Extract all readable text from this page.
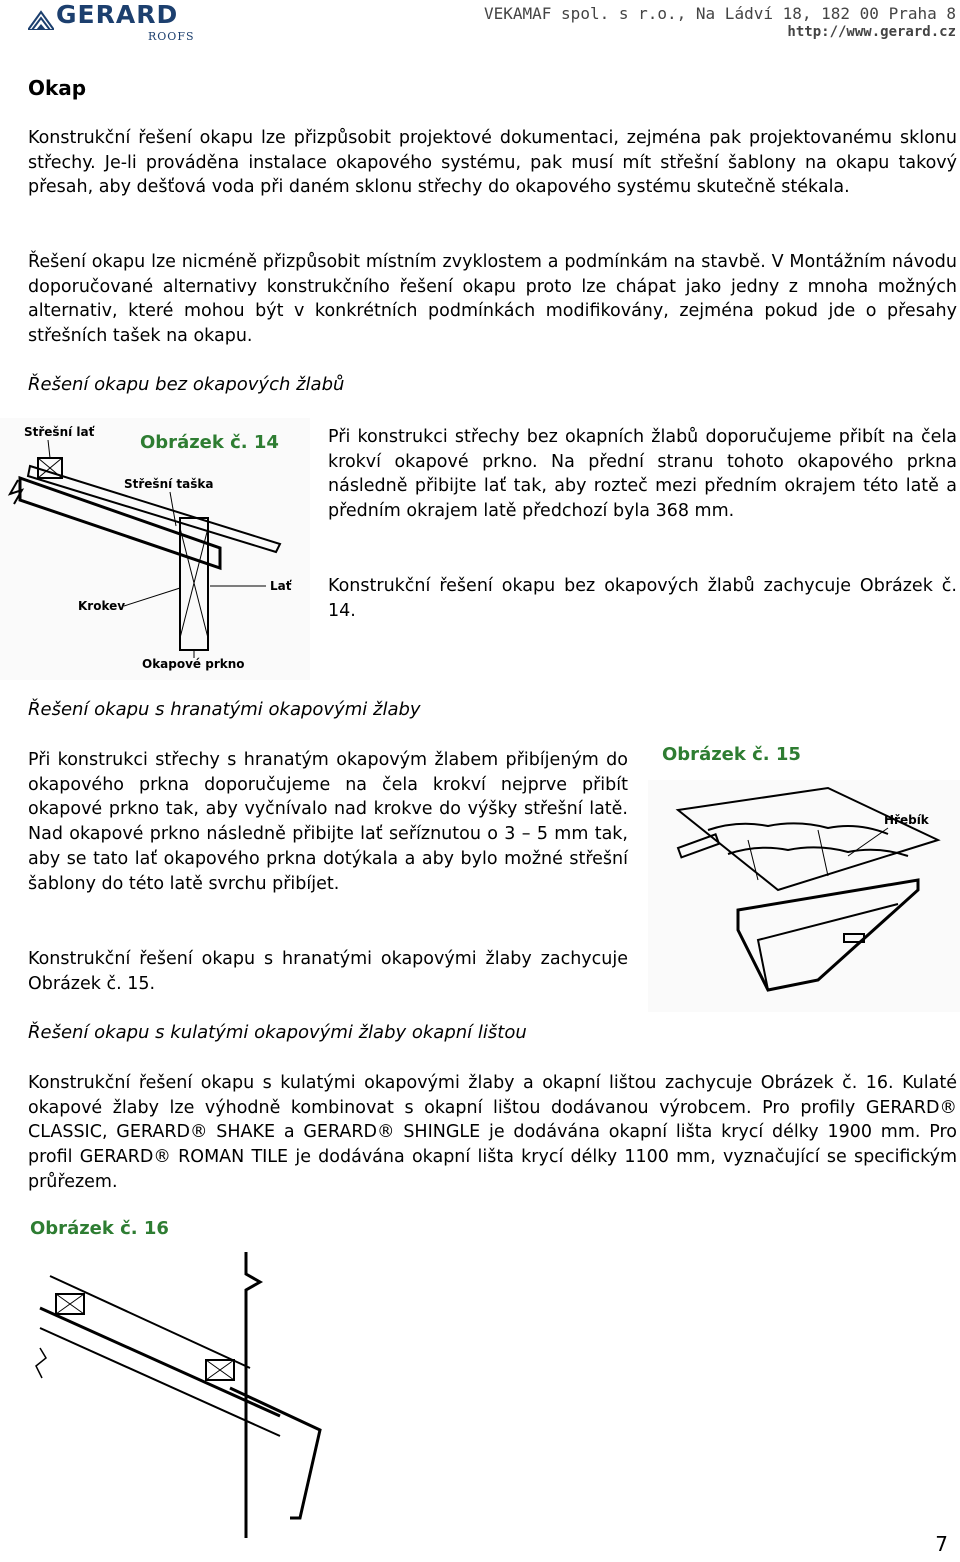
GERARD
ROOFS
VEKAMAF spol. s r.o., Na Ládví 18, 182 00 Praha 8
http://www.gerard.cz
Okap

Konstrukční řešení okapu lze přizpůsobit projektové dokumentaci, zejména pak projektovanému sklonu střechy. Je-li prováděna instalace okapového systému, pak musí mít střešní šablony na okapu takový přesah, aby dešťová voda při daném sklonu střechy do okapového systému skutečně stékala.

Řešení okapu lze nicméně přizpůsobit místním zvyklostem a podmínkám na stavbě. V Montážním návodu doporučované alternativy konstrukčního řešení okapu proto lze chápat jako jedny z mnoha možných alternativ, které mohou být v konkrétních podmínkách modifikovány, zejména pokud jde o přesahy střešních tašek na okapu.

Řešení okapu bez okapových žlabů
Střešní lať
Střešní taška
Lať
Krokev
Okapové prkno
Obrázek č. 14	Při konstrukci střechy bez okapních žlabů doporučujeme přibít na čela krokví okapové prkno. Na přední stranu tohoto okapového prkna následně přibijte lať tak, aby rozteč mezi předním okrajem této latě a předním okrajem latě předchozí byla 368 mm.

Konstrukční řešení okapu bez okapových žlabů zachycuje Obrázek č. 14.

Řešení okapu s hranatými okapovými žlaby

Při konstrukci střechy s hranatým okapovým žlabem přibíjeným do okapového prkna doporučujeme na čela krokví nejprve přibít okapové prkno tak, aby vyčnívalo nad krokve do výšky střešní latě. Nad okapové prkno následně přibijte lať seříznutou o 3 – 5 mm tak, aby se tato lať okapového prkna dotýkala a aby bylo možné střešní šablony do této latě svrchu přibíjet.

Konstrukční řešení okapu s hranatými okapovými žlaby zachycuje Obrázek č. 15.

Obrázek č. 15
Hřebík
Řešení okapu s kulatými okapovými žlaby okapní lištou

Konstrukční řešení okapu s kulatými okapovými žlaby a okapní lištou zachycuje Obrázek č. 16. Kulaté okapové žlaby lze výhodně kombinovat s okapní lištou dodávanou výrobcem. Pro profily GERARD® CLASSIC, GERARD® SHAKE a GERARD® SHINGLE je dodávána okapní lišta krycí délky 1900 mm. Pro profil GERARD® ROMAN TILE je dodávána okapní lišta krycí délky 1100 mm, vyznačující se specifickým průřezem.

Obrázek č. 16
7
